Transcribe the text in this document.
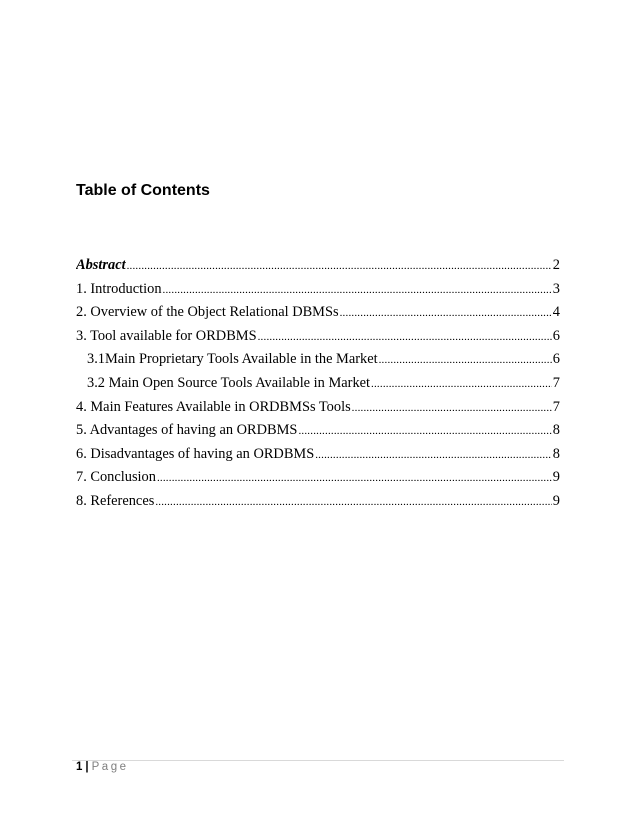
Table of Contents
Abstract .....	2
1. Introduction .....	3
2. Overview of the Object Relational DBMSs .....	4
3. Tool available for ORDBMS .....	6
3.1Main Proprietary Tools Available in the Market .....	6
3.2 Main Open Source Tools Available in Market .....	7
4. Main Features Available in ORDBMSs Tools .....	7
5. Advantages of having an ORDBMS .....	8
6. Disadvantages of having an ORDBMS .....	8
7. Conclusion .....	9
8. References .....	9
1 | Page
